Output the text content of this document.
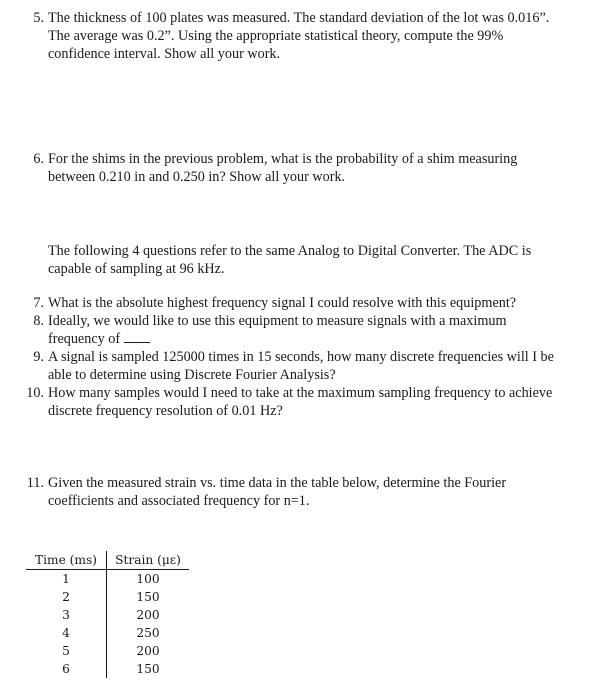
5. The thickness of 100 plates was measured. The standard deviation of the lot was 0.016”.
The average was 0.2”. Using the appropriate statistical theory, compute the 99%
confidence interval. Show all your work.
6. For the shims in the previous problem, what is the probability of a shim measuring
between 0.210 in and 0.250 in? Show all your work.
The following 4 questions refer to the same Analog to Digital Converter. The ADC is
capable of sampling at 96 kHz.
7. What is the absolute highest frequency signal I could resolve with this equipment?
8. Ideally, we would like to use this equipment to measure signals with a maximum
frequency of
9. A signal is sampled 125000 times in 15 seconds, how many discrete frequencies will I be
able to determine using Discrete Fourier Analysis?
10. How many samples would I need to take at the maximum sampling frequency to achieve
discrete frequency resolution of 0.01 Hz?
11. Given the measured strain vs. time data in the table below, determine the Fourier
coefficients and associated frequency for n=1.
Time (ms)	Strain (με)
1	100
2	150
3	200
4	250
5	200
6	150
